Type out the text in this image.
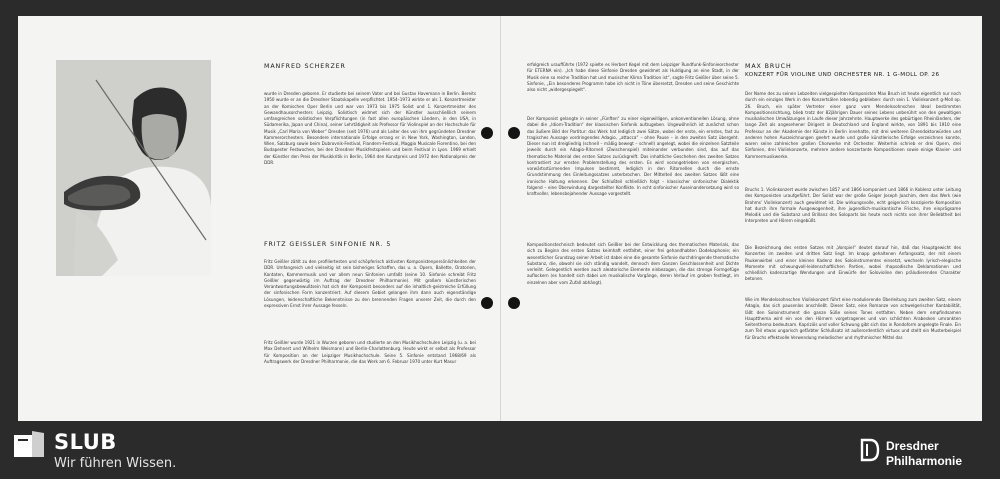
MANFRED SCHERZER

wurde in Dresden geboren. Er studierte bei seinem Vater und bei Gustav Havemann in Berlin. Bereits 1950 wurde er an die Dresdner Staatskapelle verpflichtet. 1954–1973 wirkte er als 1. Konzertmeister an der Komischen Oper Berlin und war von 1973 bis 1975 Solist und 1. Konzertmeister des Gewandhausorchesters Leipzig. Solistisch widmet sich der Künstler ausschließlich seinem umfangreichen solistischen Verpflichtungen (in fast allen europäischen Ländern, in den USA, in Südamerika, Japan und China), seiner Lehrtätigkeit als Professor für Violinspiel an der Hochschule für Musik „Carl Maria von Weber“ Dresden (seit 1976) und als Leiter des von ihm gegründeten Dresdner Kammerorchesters. Besondere internationale Erfolge errang er in New York, Washington, London, Wien, Salzburg sowie beim Dubrovnik-Festival, Flandern-Festival, Maggio Musicale Fiorentino, bei den Budapester Festwochen, bei den Dresdner Musikfestspielen und beim Festival in Lyon. 1969 erhielt der Künstler den Preis der Musikkritik in Berlin, 1964 den Kunstpreis und 1972 den Nationalpreis der DDR.

FRITZ GEISSLER SINFONIE NR. 5

Fritz Geißler zählt zu den profiliertesten und schöpferisch aktivsten Komponistenpersönlichkeiten der DDR. Umfangreich und vielseitig ist sein bisheriges Schaffen, das u. a. Opern, Ballette, Oratorien, Kantaten, Kammermusik und vor allem neun Sinfonien umfaßt (seine 10. Sinfonie schreibt Fritz Geißler gegenwärtig im Auftrag der Dresdner Philharmonie). Mit großem künstlerischen Verantwortungsbewußtsein hat sich der Komponist besonders auf die inhaltlich-geistreiche Erfüllung der sinfonischen Form konzentriert. Auf diesem Gebiet gelangen ihm dann auch eigenständige Lösungen, leidenschaftliche Bekenntnisse zu den brennenden Fragen unserer Zeit, die durch den expressiven Ernst ihrer Aussage fesseln.

Fritz Geißler wurde 1921 in Wurzen geboren und studierte an den Musikhochschulen Leipzig (u. a. bei Max Dehnert und Wilhelm Weismann) und Berlin-Charlottenburg. Heute wirkt er selbst als Professor für Komposition an der Leipziger Musikhochschule. Seine 5. Sinfonie entstand 1968/69 als Auftragswerk der Dresdner Philharmonie, die das Werk am 6. Februar 1970 unter Kurt Masur

erfolgreich uraufführte (1972 spielte es Herbert Kegel mit dem Leipziger Rundfunk-Sinfonieorchester für ETERNA ein). „Ich habe diese Sinfonie Dresden gewidmet als Huldigung an eine Stadt, in der Musik eine so reiche Tradition hat und musischer Klima Tradition ist“, sagte Fritz Geißler über seine 5. Sinfonie, „Ein besonderes Programm habe ich nicht in Töne übersetzt, Dresden und seine Geschichte also nicht „widergespiegelt“.

Der Komponist gelangte in seiner „Fünften“ zu einer eigenwilligen, unkonventionellen Lösung, ohne dabei die „Idiom-Tradition“ der klassischen Sinfonik aufzugeben. Ungewöhnlich ist zunächst schon das äußere Bild der Partitur: das Werk hat lediglich zwei Sätze, wobei der erste, ein ernstes, fast zu tragisches Aussage vordringendes Adagio, „attacca“ – ohne Pause – in den zweiten Satz übergeht. Dieser nun ist dreigliedrig (schnell – mäßig bewegt – schnell) angelegt, wobei die einzelnen Satzteile jeweils durch ein Adagio-Ritornell (Zwischenspiel) miteinander verbunden sind, das auf das thematische Material des ersten Satzes zurückgreift. Das inhaltliche Geschehen des zweiten Satzes kontrastiert zur ernsten Problemstellung des ersten. Es wird vorangetrieben von energischen, vorwärtsstürmenden Impulsen bestimmt, lediglich in den Ritornellen durch die ernste Grundstimmung des Einleitungssatzes unterbrochen. Der Mittelteil des zweiten Satzes läßt eine ironische Haltung erkennen. Der Schlußteil schließlich folgt – klassischer sinfonischer Dialektik folgend – eine Überwindung dargestellter Konflikte. In echt sinfonischer Auseinandersetzung wird so kraftvoller, lebensbejahender Aussage vorgestellt.

Kompositionstechnisch bedeutet sich Geißler bei der Entwicklung des thematischen Materials, das sich zu Beginn des ersten Satzes keimhaft entfaltet, einer frei gehandhabten Dodekaphonie; ein wesentlicher Grundzug seiner Arbeit ist dabei eine die gesamte Sinfonie durchdringende thematische Substanz, die, obwohl sie sich ständig wandelt, dennoch dem Ganzen Geschlossenheit und Dichte verleiht. Gelegentlich werden auch aleatorische Elemente einbezogen, die das strenge Formgefüge auflockern (es handelt sich dabei um musikalische Vorgänge, deren Verlauf im groben festliegt, im einzelnen aber vom Zufall abhängt).

MAX BRUCH
KONZERT FÜR VIOLINE UND ORCHESTER NR. 1 G-MOLL OP. 26

Der Name des zu seinen Lebzeiten vielgespielten Komponisten Max Bruch ist heute eigentlich nur noch durch ein einziges Werk in den Konzertsälen lebendig geblieben: durch sein 1. Violinkonzert g-Moll op. 26. Bruch, ein später Vertreter einer ganz vom Mendelssohnschen Ideal bestimmten Kompositionsrichtung, blieb trotz der 82jährigen Dauer seines Lebens unberührt von den gewaltigen musikalischen Umwälzungen in Laufe dieser Jahrzehnte. Hauptwerke des gebürtigen Rheinländers, der lange Zeit als angesehener Dirigent in Deutschland und England wirkte, von 1891 bis 1910 eine Professur an der Akademie der Künste in Berlin innehatte, mit drei weiteren Ehrendoktorwürden und anderen hohen Auszeichnungen geehrt wurde und große künstlerische Erfolge verzeichnen konnte, waren seine zahlreichen großen Chorwerke mit Orchester. Weiterhin schrieb er drei Opern, drei Sinfonien, drei Violinkonzerte, mehrere andere konzertante Kompositionen sowie einige Klavier- und Kammermusikwerke.

Bruchs 1. Violinkonzert wurde zwischen 1857 und 1866 komponiert und 1866 in Koblenz unter Leitung des Komponisten uraufgeführt. Der Solist war der große Geiger Joseph Joachim, dem das Werk (wie Brahms’ Violinkonzert) auch gewidmet ist. Die wirkungsvolle, echt geigerisch konzipierte Komposition hat durch ihre formale Ausgewogenheit, ihre jugendlich-musikantische Frische, ihre einprägsame Melodik und die Substanz und Brillanz des Soloparts bis heute noch nichts von ihrer Beliebtheit bei Interpreten und Hörern eingebüßt.

Die Bezeichnung des ersten Satzes mit „Vorspiel“ deutet darauf hin, daß das Hauptgewicht des Konzertes im zweiten und dritten Satz liegt. Im knapp gehaltenen Anfangssatz, der mit einem Paukenwirbel und einer kleinen Kadenz des Soloinstrumentes einsetzt, wechseln lyrisch-elegische Momente mit schwungvoll-leidenschaftlichen Partien, wobei rhapsodische Deklamationen und schließlich kadenzartige Wendungen und Einwürfe der Solovioline den präludierenden Charakter betonen.

Wie im Mendelssohnschen Violinkonzert führt eine modulierende Überleitung zum zweiten Satz, einem Adagio, das sich pausenlos anschließt. Dieser Satz, eine Romanze von schwelgerischer Kantabilität, läßt den Soloinstrument die ganze Süße seines Tones entfalten. Neben dem empfindsamen Hauptthema wird ein von den Hörnern vorgetragenes und von schlichten Arabesken umrankten Seitenthema bedeutsam. Kapriziös und voller Schwung gibt sich das in Rondoform angelegte Finale. Ein zum Teil etwas ungarisch gefärbter Schlußsatz ist außerordentlich virtuos und stellt ein Musterbeispiel für Bruchs effektvolle Verwendung melodischer und rhythmischer Mittel dar.

SLUB
Wir führen Wissen.
Dresdner
Philharmonie
